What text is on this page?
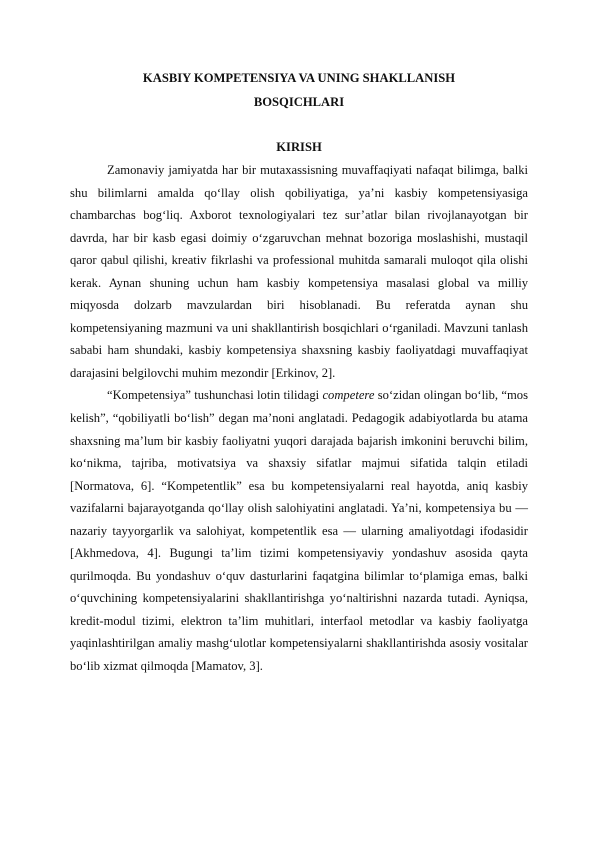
KASBIY KOMPETENSIYA VA UNING SHAKLLANISH
BOSQICHLARI
KIRISH

Zamonaviy jamiyatda har bir mutaxassisning muvaffaqiyati nafaqat bilimga, balki shu bilimlarni amalda qo‘llay olish qobiliyatiga, ya’ni kasbiy kompetensiyasiga chambarchas bog‘liq. Axborot texnologiyalari tez sur’atlar bilan rivojlanayotgan bir davrda, har bir kasb egasi doimiy o‘zgaruvchan mehnat bozoriga moslashishi, mustaqil qaror qabul qilishi, kreativ fikrlashi va professional muhitda samarali muloqot qila olishi kerak. Aynan shuning uchun ham kasbiy kompetensiya masalasi global va milliy miqyosda dolzarb mavzulardan biri hisoblanadi. Bu referatda aynan shu kompetensiyaning mazmuni va uni shakllantirish bosqichlari o‘rganiladi. Mavzuni tanlash sababi ham shundaki, kasbiy kompetensiya shaxsning kasbiy faoliyatdagi muvaffaqiyat darajasini belgilovchi muhim mezondir [Erkinov, 2].

“Kompetensiya” tushunchasi lotin tilidagi competere so‘zidan olingan bo‘lib, “mos kelish”, “qobiliyatli bo‘lish” degan ma’noni anglatadi. Pedagogik adabiyotlarda bu atama shaxsning ma’lum bir kasbiy faoliyatni yuqori darajada bajarish imkonini beruvchi bilim, ko‘nikma, tajriba, motivatsiya va shaxsiy sifatlar majmui sifatida talqin etiladi [Normatova, 6]. “Kompetentlik” esa bu kompetensiyalarni real hayotda, aniq kasbiy vazifalarni bajarayotganda qo‘llay olish salohiyatini anglatadi. Ya’ni, kompetensiya bu — nazariy tayyorgarlik va salohiyat, kompetentlik esa — ularning amaliyotdagi ifodasidir [Akhmedova, 4]. Bugungi ta’lim tizimi kompetensiyaviy yondashuv asosida qayta qurilmoqda. Bu yondashuv o‘quv dasturlarini faqatgina bilimlar to‘plamiga emas, balki o‘quvchining kompetensiyalarini shakllantirishga yo‘naltirishni nazarda tutadi. Ayniqsa, kredit-modul tizimi, elektron ta’lim muhitlari, interfaol metodlar va kasbiy faoliyatga yaqinlashtirilgan amaliy mashg‘ulotlar kompetensiyalarni shakllantirishda asosiy vositalar bo‘lib xizmat qilmoqda [Mamatov, 3].
